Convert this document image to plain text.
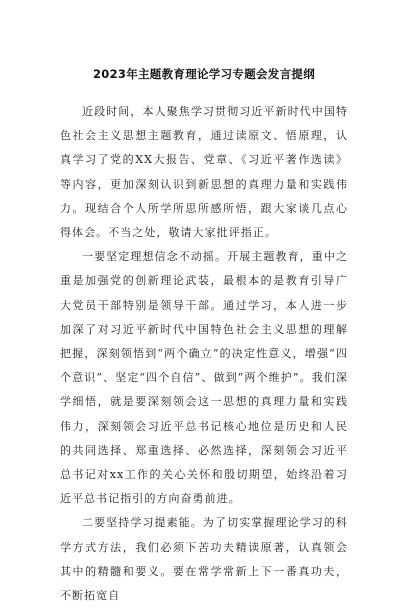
2023年主题教育理论学习专题会发言提纲

近段时间，本人聚焦学习贯彻习近平新时代中国特色社会主义思想主题教育，通过读原文、悟原理，认真学习了党的XX大报告、党章、《习近平著作选读》等内容，更加深刻认识到新思想的真理力量和实践伟力。现结合个人所学所思所感所悟，跟大家谈几点心得体会。不当之处，敬请大家批评指正。

一要坚定理想信念不动摇。开展主题教育，重中之重是加强党的创新理论武装，最根本的是教育引导广大党员干部特别是领导干部。通过学习，本人进一步加深了对习近平新时代中国特色社会主义思想的理解把握，深刻领悟到“两个确立”的决定性意义，增强“四个意识”、坚定“四个自信”、做到“两个维护”。我们深学细悟，就是要深刻领会这一思想的真理力量和实践伟力，深刻领会习近平总书记核心地位是历史和人民的共同选择、郑重选择、必然选择，深刻领会习近平总书记对xx工作的关心关怀和殷切期望，始终沿着习近平总书记指引的方向奋勇前进。

二要坚持学习提素能。为了切实掌握理论学习的科学方式方法，我们必须下苦功夫精读原著，认真领会其中的精髓和要义。要在常学常新上下一番真功夫，不断拓宽自
